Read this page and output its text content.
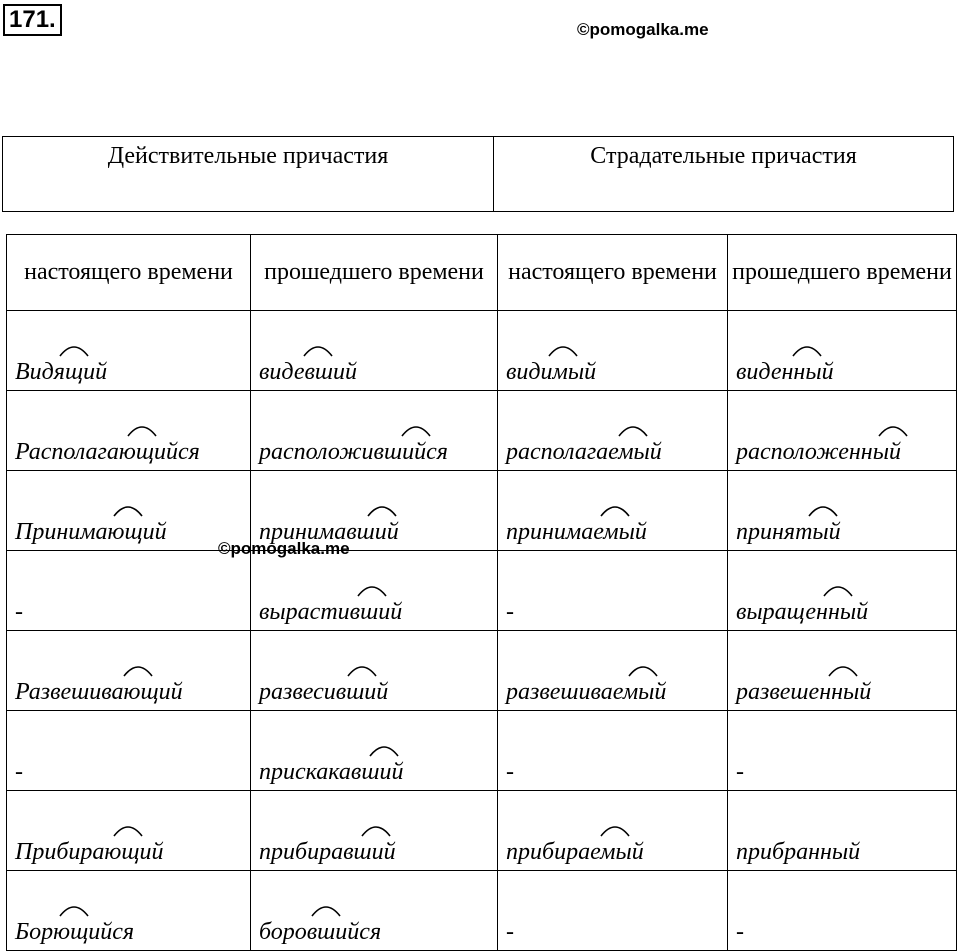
171.	©pomogalka.me
Действительные причастия	Страдательные причастия
настоящего времени	прошедшего времени	настоящего времени	прошедшего времени
Видящий	видевший	видимый	виденный

Располагающийся	расположившийся	располагаемый	расположенный

Принимающий	принимавший	принимаемый	принятый

-	вырастивший	-	выращенный

Развешивающий	развесивший	развешиваемый	развешенный

-	прискакавший	-	-
Прибирающий	прибиравший	прибираемый	прибранный
Борющийся	боровшийся	-	-
©pomogalka.me
